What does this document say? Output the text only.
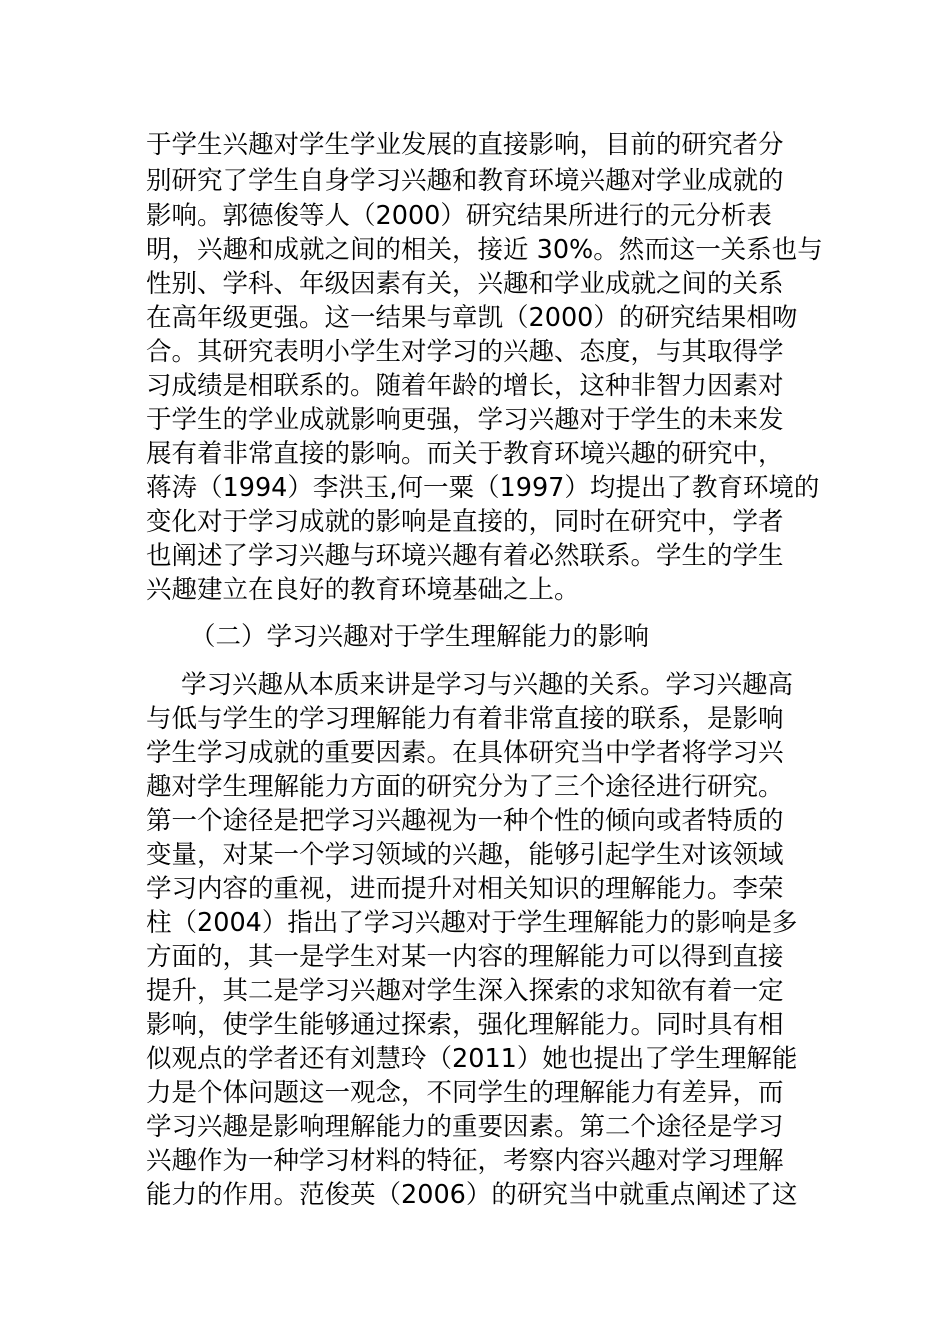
于学生兴趣对学生学业发展的直接影响，目前的研究者分
别研究了学生自身学习兴趣和教育环境兴趣对学业成就的
影响。郭德俊等人（2000）研究结果所进行的元分析表
明，兴趣和成就之间的相关，接近 30%。然而这一关系也与
性别、学科、年级因素有关，兴趣和学业成就之间的关系
在高年级更强。这一结果与章凯（2000）的研究结果相吻
合。其研究表明小学生对学习的兴趣、态度，与其取得学
习成绩是相联系的。随着年龄的增长，这种非智力因素对
于学生的学业成就影响更强，学习兴趣对于学生的未来发
展有着非常直接的影响。而关于教育环境兴趣的研究中，
蒋涛（1994）李洪玉,何一粟（1997）均提出了教育环境的
变化对于学习成就的影响是直接的，同时在研究中，学者
也阐述了学习兴趣与环境兴趣有着必然联系。学生的学生
兴趣建立在良好的教育环境基础之上。
（二）学习兴趣对于学生理解能力的影响
学习兴趣从本质来讲是学习与兴趣的关系。学习兴趣高
与低与学生的学习理解能力有着非常直接的联系，是影响
学生学习成就的重要因素。在具体研究当中学者将学习兴
趣对学生理解能力方面的研究分为了三个途径进行研究。
第一个途径是把学习兴趣视为一种个性的倾向或者特质的
变量，对某一个学习领域的兴趣，能够引起学生对该领域
学习内容的重视，进而提升对相关知识的理解能力。李荣
柱（2004）指出了学习兴趣对于学生理解能力的影响是多
方面的，其一是学生对某一内容的理解能力可以得到直接
提升，其二是学习兴趣对学生深入探索的求知欲有着一定
影响，使学生能够通过探索，强化理解能力。同时具有相
似观点的学者还有刘慧玲（2011）她也提出了学生理解能
力是个体问题这一观念，不同学生的理解能力有差异，而
学习兴趣是影响理解能力的重要因素。第二个途径是学习
兴趣作为一种学习材料的特征，考察内容兴趣对学习理解
能力的作用。范俊英（2006）的研究当中就重点阐述了这
